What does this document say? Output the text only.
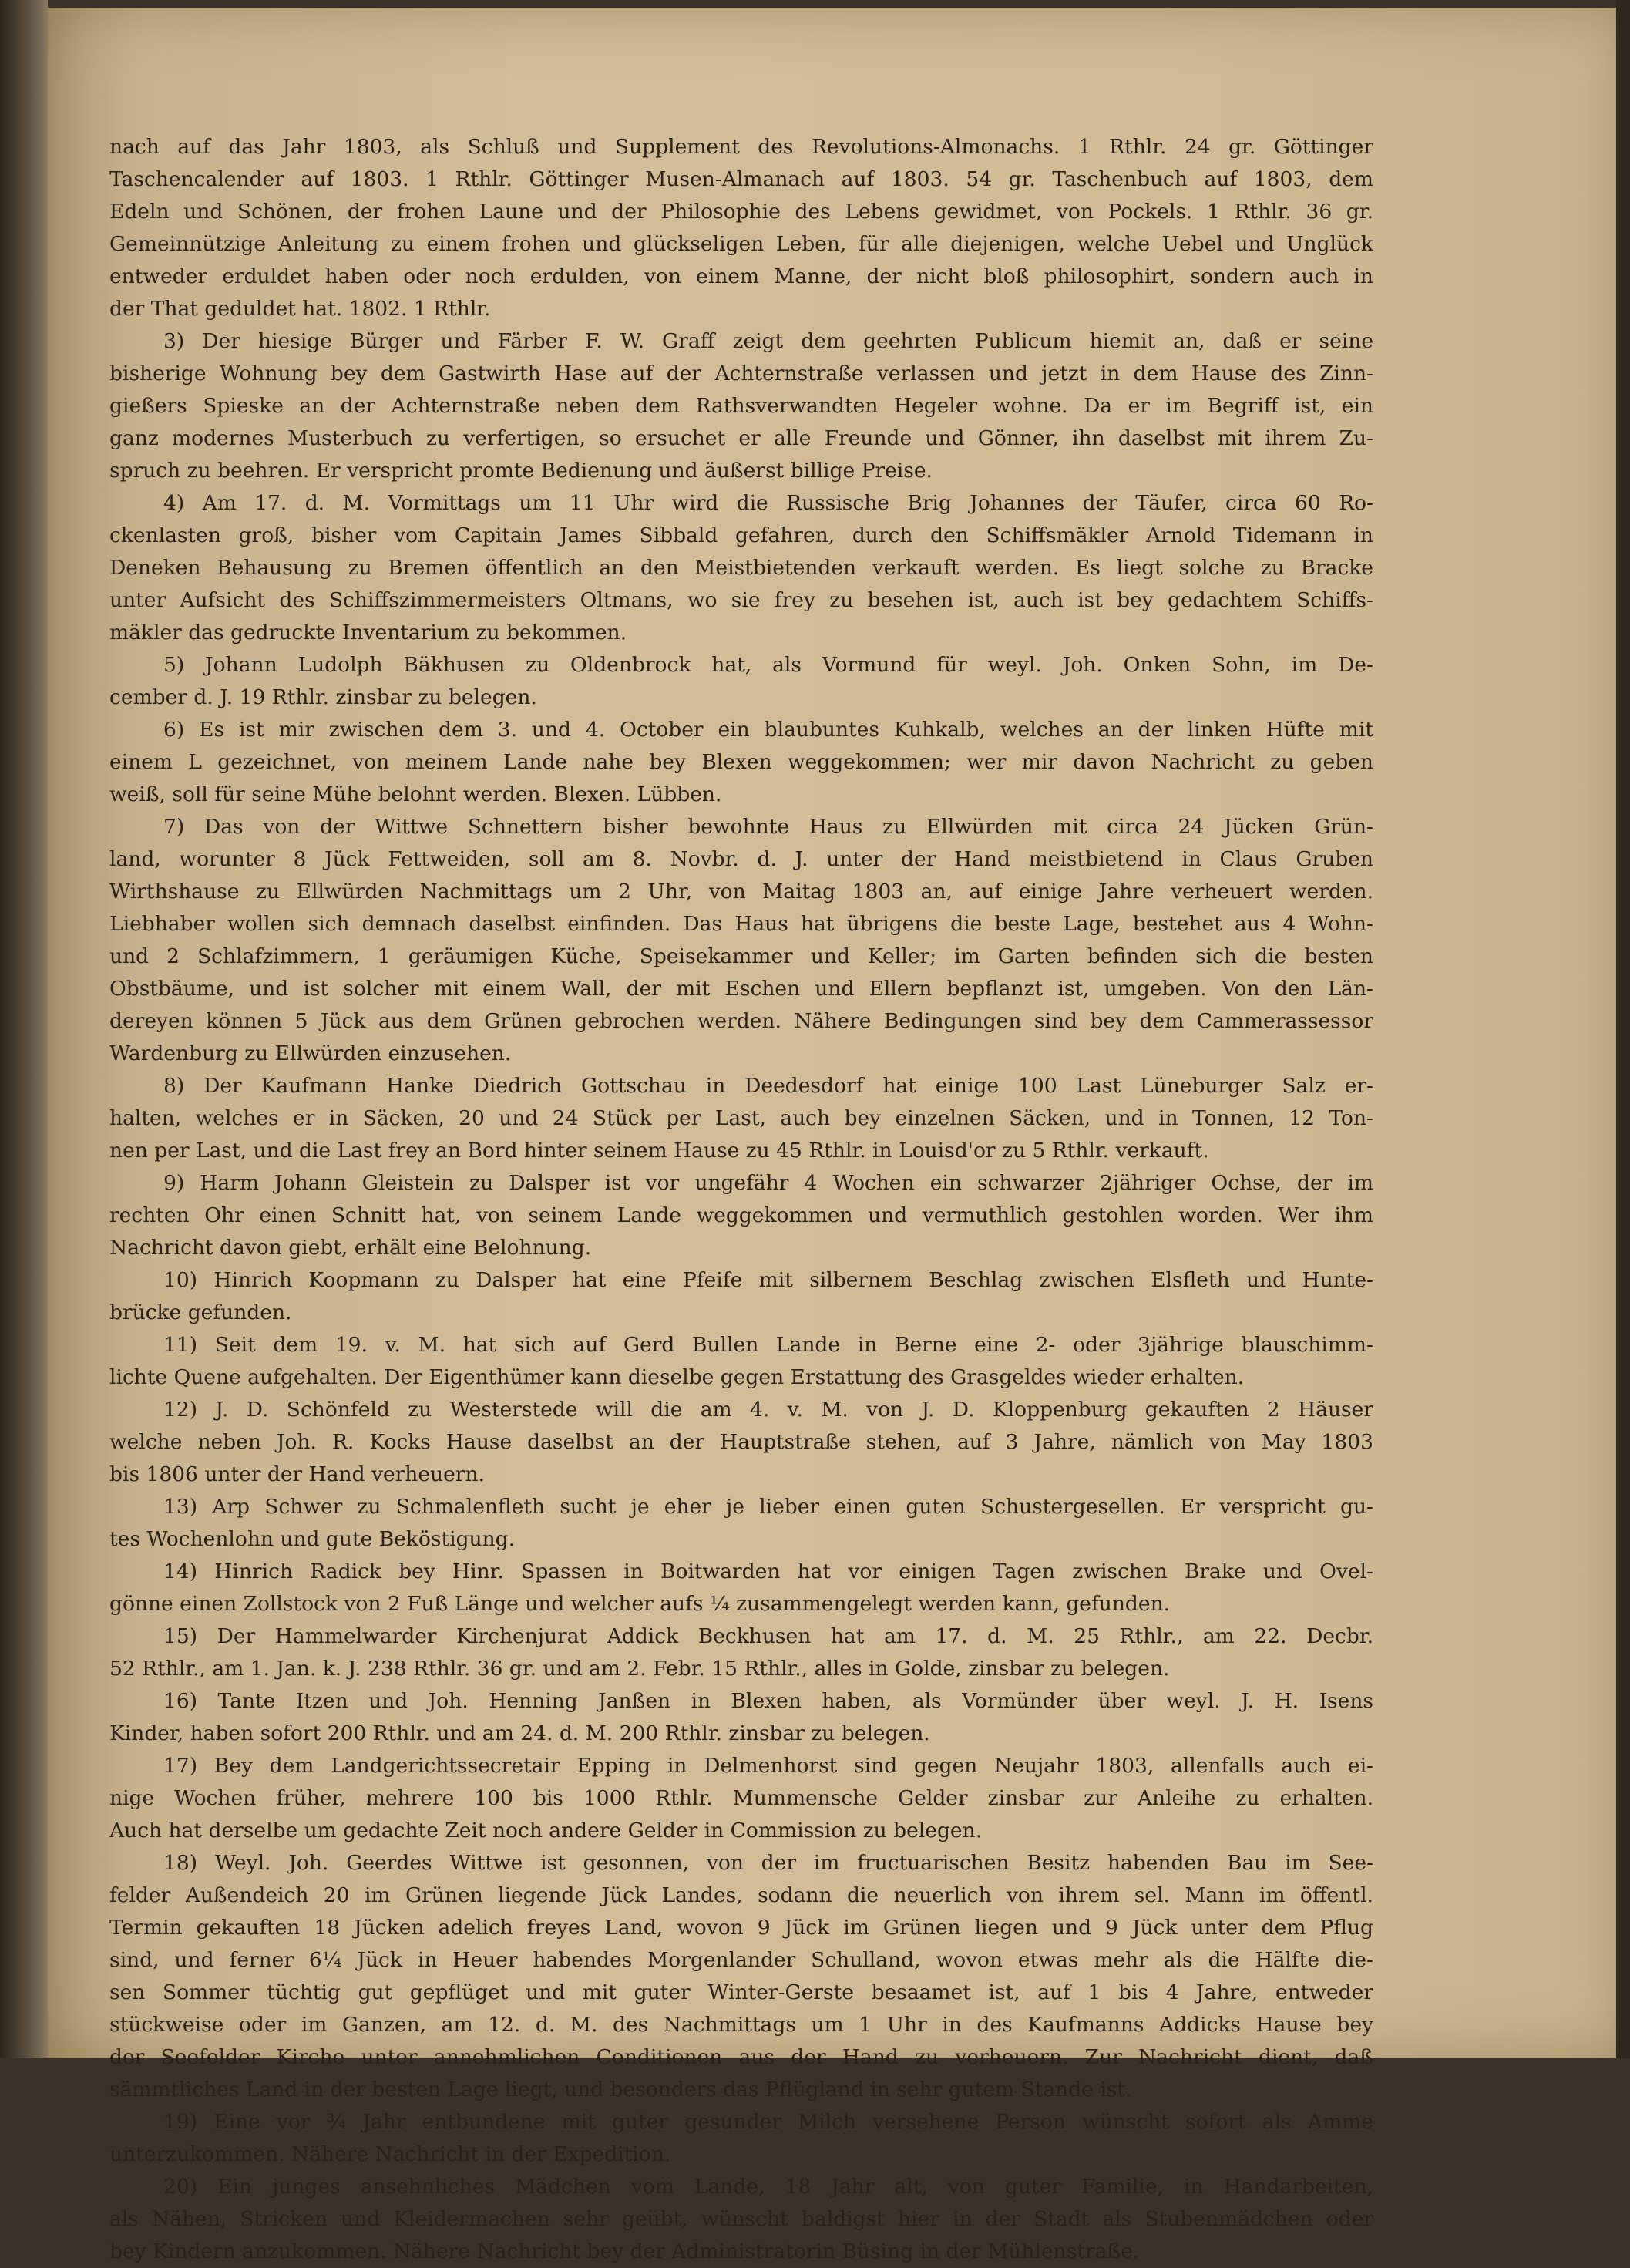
nach auf das Jahr 1803, als Schluß und Supplement des Revolutions-Almonachs. 1 Rthlr. 24 gr. Göttinger
Taschencalender auf 1803. 1 Rthlr. Göttinger Musen-Almanach auf 1803. 54 gr. Taschenbuch auf 1803, dem
Edeln und Schönen, der frohen Laune und der Philosophie des Lebens gewidmet, von Pockels. 1 Rthlr. 36 gr.
Gemeinnützige Anleitung zu einem frohen und glückseligen Leben, für alle diejenigen, welche Uebel und Unglück
entweder erduldet haben oder noch erdulden, von einem Manne, der nicht bloß philosophirt, sondern auch in
der That geduldet hat. 1802. 1 Rthlr.
3) Der hiesige Bürger und Färber F. W. Graff zeigt dem geehrten Publicum hiemit an, daß er seine
bisherige Wohnung bey dem Gastwirth Hase auf der Achternstraße verlassen und jetzt in dem Hause des Zinn-
gießers Spieske an der Achternstraße neben dem Rathsverwandten Hegeler wohne. Da er im Begriff ist, ein
ganz modernes Musterbuch zu verfertigen, so ersuchet er alle Freunde und Gönner, ihn daselbst mit ihrem Zu-
spruch zu beehren. Er verspricht promte Bedienung und äußerst billige Preise.
4) Am 17. d. M. Vormittags um 11 Uhr wird die Russische Brig Johannes der Täufer, circa 60 Ro-
ckenlasten groß, bisher vom Capitain James Sibbald gefahren, durch den Schiffsmäkler Arnold Tidemann in
Deneken Behausung zu Bremen öffentlich an den Meistbietenden verkauft werden. Es liegt solche zu Bracke
unter Aufsicht des Schiffszimmermeisters Oltmans, wo sie frey zu besehen ist, auch ist bey gedachtem Schiffs-
mäkler das gedruckte Inventarium zu bekommen.
5) Johann Ludolph Bäkhusen zu Oldenbrock hat, als Vormund für weyl. Joh. Onken Sohn, im De-
cember d. J. 19 Rthlr. zinsbar zu belegen.
6) Es ist mir zwischen dem 3. und 4. October ein blaubuntes Kuhkalb, welches an der linken Hüfte mit
einem L gezeichnet, von meinem Lande nahe bey Blexen weggekommen; wer mir davon Nachricht zu geben
weiß, soll für seine Mühe belohnt werden. Blexen. Lübben.
7) Das von der Wittwe Schnettern bisher bewohnte Haus zu Ellwürden mit circa 24 Jücken Grün-
land, worunter 8 Jück Fettweiden, soll am 8. Novbr. d. J. unter der Hand meistbietend in Claus Gruben
Wirthshause zu Ellwürden Nachmittags um 2 Uhr, von Maitag 1803 an, auf einige Jahre verheuert werden.
Liebhaber wollen sich demnach daselbst einfinden. Das Haus hat übrigens die beste Lage, bestehet aus 4 Wohn-
und 2 Schlafzimmern, 1 geräumigen Küche, Speisekammer und Keller; im Garten befinden sich die besten
Obstbäume, und ist solcher mit einem Wall, der mit Eschen und Ellern bepflanzt ist, umgeben. Von den Län-
dereyen können 5 Jück aus dem Grünen gebrochen werden. Nähere Bedingungen sind bey dem Cammerassessor
Wardenburg zu Ellwürden einzusehen.
8) Der Kaufmann Hanke Diedrich Gottschau in Deedesdorf hat einige 100 Last Lüneburger Salz er-
halten, welches er in Säcken, 20 und 24 Stück per Last, auch bey einzelnen Säcken, und in Tonnen, 12 Ton-
nen per Last, und die Last frey an Bord hinter seinem Hause zu 45 Rthlr. in Louisd'or zu 5 Rthlr. verkauft.
9) Harm Johann Gleistein zu Dalsper ist vor ungefähr 4 Wochen ein schwarzer 2jähriger Ochse, der im
rechten Ohr einen Schnitt hat, von seinem Lande weggekommen und vermuthlich gestohlen worden. Wer ihm
Nachricht davon giebt, erhält eine Belohnung.
10) Hinrich Koopmann zu Dalsper hat eine Pfeife mit silbernem Beschlag zwischen Elsfleth und Hunte-
brücke gefunden.
11) Seit dem 19. v. M. hat sich auf Gerd Bullen Lande in Berne eine 2- oder 3jährige blauschimm-
lichte Quene aufgehalten. Der Eigenthümer kann dieselbe gegen Erstattung des Grasgeldes wieder erhalten.
12) J. D. Schönfeld zu Westerstede will die am 4. v. M. von J. D. Kloppenburg gekauften 2 Häuser
welche neben Joh. R. Kocks Hause daselbst an der Hauptstraße stehen, auf 3 Jahre, nämlich von May 1803
bis 1806 unter der Hand verheuern.
13) Arp Schwer zu Schmalenfleth sucht je eher je lieber einen guten Schustergesellen. Er verspricht gu-
tes Wochenlohn und gute Beköstigung.
14) Hinrich Radick bey Hinr. Spassen in Boitwarden hat vor einigen Tagen zwischen Brake und Ovel-
gönne einen Zollstock von 2 Fuß Länge und welcher aufs ¼ zusammengelegt werden kann, gefunden.
15) Der Hammelwarder Kirchenjurat Addick Beckhusen hat am 17. d. M. 25 Rthlr., am 22. Decbr.
52 Rthlr., am 1. Jan. k. J. 238 Rthlr. 36 gr. und am 2. Febr. 15 Rthlr., alles in Golde, zinsbar zu belegen.
16) Tante Itzen und Joh. Henning Janßen in Blexen haben, als Vormünder über weyl. J. H. Isens
Kinder, haben sofort 200 Rthlr. und am 24. d. M. 200 Rthlr. zinsbar zu belegen.
17) Bey dem Landgerichtssecretair Epping in Delmenhorst sind gegen Neujahr 1803, allenfalls auch ei-
nige Wochen früher, mehrere 100 bis 1000 Rthlr. Mummensche Gelder zinsbar zur Anleihe zu erhalten.
Auch hat derselbe um gedachte Zeit noch andere Gelder in Commission zu belegen.
18) Weyl. Joh. Geerdes Wittwe ist gesonnen, von der im fructuarischen Besitz habenden Bau im See-
felder Außendeich 20 im Grünen liegende Jück Landes, sodann die neuerlich von ihrem sel. Mann im öffentl.
Termin gekauften 18 Jücken adelich freyes Land, wovon 9 Jück im Grünen liegen und 9 Jück unter dem Pflug
sind, und ferner 6¼ Jück in Heuer habendes Morgenlander Schulland, wovon etwas mehr als die Hälfte die-
sen Sommer tüchtig gut gepflüget und mit guter Winter-Gerste besaamet ist, auf 1 bis 4 Jahre, entweder
stückweise oder im Ganzen, am 12. d. M. des Nachmittags um 1 Uhr in des Kaufmanns Addicks Hause bey
der Seefelder Kirche unter annehmlichen Conditionen aus der Hand zu verheuern. Zur Nachricht dient, daß
sämmtliches Land in der besten Lage liegt, und besonders das Pflügland in sehr gutem Stande ist.
19) Eine vor ¾ Jahr entbundene mit guter gesunder Milch versehene Person wünscht sofort als Amme
unterzukommen. Nähere Nachricht in der Expedition.
20) Ein junges ansehnliches Mädchen vom Lande, 18 Jahr alt, von guter Familie, in Handarbeiten,
als Nähen, Stricken und Kleidermachen sehr geübt, wünscht baldigst hier in der Stadt als Stubenmädchen oder
bey Kindern anzukommen. Nähere Nachricht bey der Administratorin Büsing in der Mühlenstraße.
